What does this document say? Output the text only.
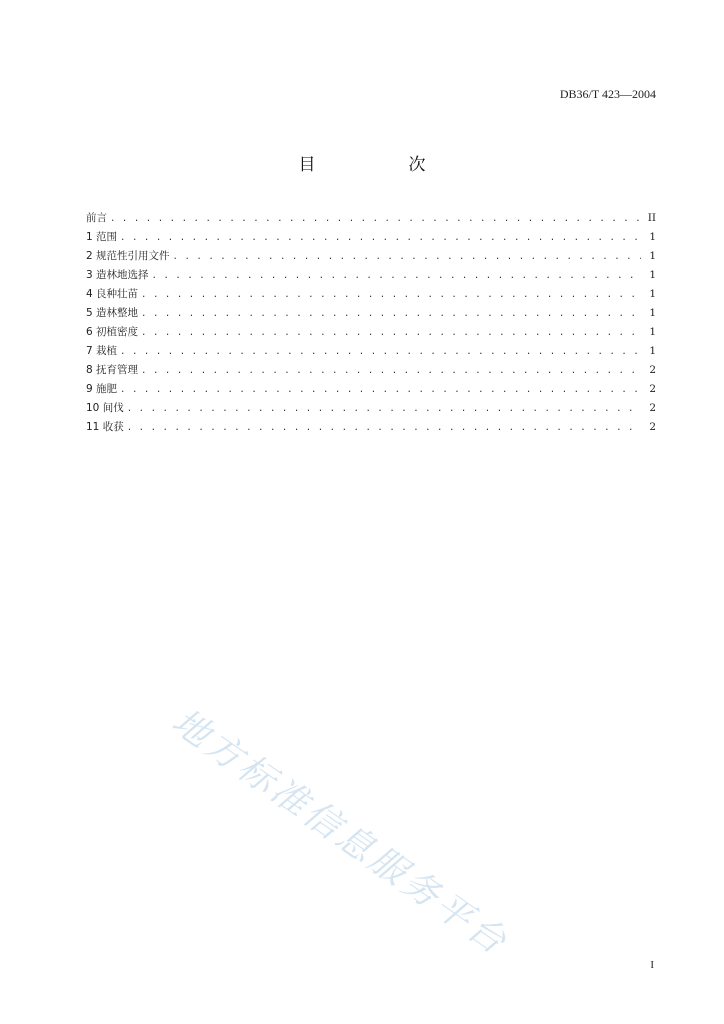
DB36/T 423—2004
目　次
前言 . . .	II
1 范围 . . .	1
2 规范性引用文件 . . .	1
3 造林地选择 . . .	1
4 良种壮苗 . . .	1
5 造林整地 . . .	1
6 初植密度 . . .	1
7 栽植 . . .	1
8 抚育管理 . . .	2
9 施肥 . . .	2
10 间伐 . . .	2
11 收获 . . .	2
地方标准信息服务平台
I
